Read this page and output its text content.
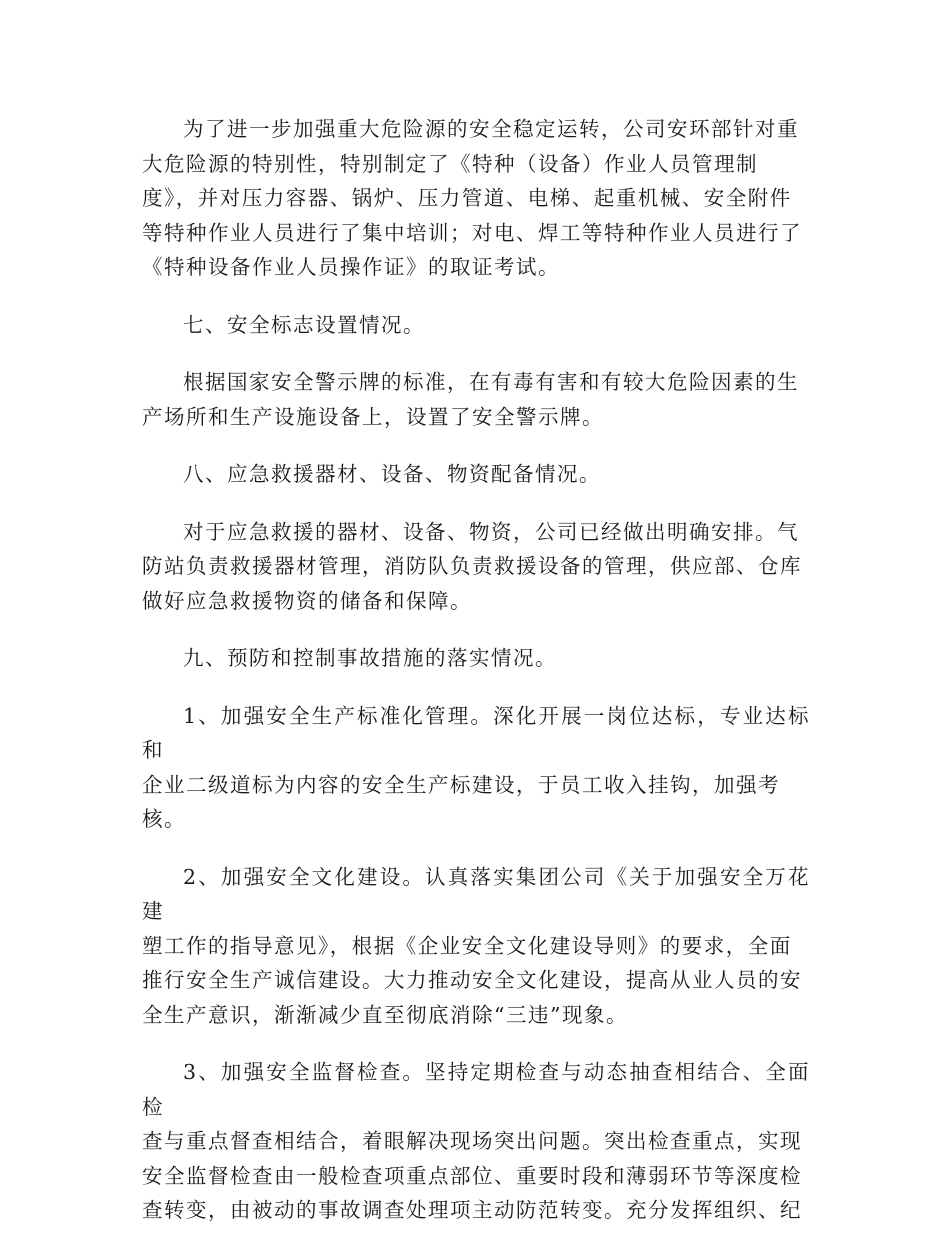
为了进一步加强重大危险源的安全稳定运转，公司安环部针对重
大危险源的特别性，特别制定了《特种（设备）作业人员管理制
度》，并对压力容器、锅炉、压力管道、电梯、起重机械、安全附件
等特种作业人员进行了集中培训；对电、焊工等特种作业人员进行了
《特种设备作业人员操作证》的取证考试。
七、安全标志设置情况。
根据国家安全警示牌的标准，在有毒有害和有较大危险因素的生
产场所和生产设施设备上，设置了安全警示牌。
八、应急救援器材、设备、物资配备情况。
对于应急救援的器材、设备、物资，公司已经做出明确安排。气
防站负责救援器材管理，消防队负责救援设备的管理，供应部、仓库
做好应急救援物资的储备和保障。
九、预防和控制事故措施的落实情况。
1、加强安全生产标准化管理。深化开展一岗位达标，专业达标和
企业二级道标为内容的安全生产标建设，于员工收入挂钩，加强考
核。
2、加强安全文化建设。认真落实集团公司《关于加强安全万花建
塑工作的指导意见》，根据《企业安全文化建设导则》的要求，全面
推行安全生产诚信建设。大力推动安全文化建设，提高从业人员的安
全生产意识，渐渐减少直至彻底消除“三违”现象。
3、加强安全监督检查。坚持定期检查与动态抽查相结合、全面检
查与重点督查相结合，着眼解决现场突出问题。突出检查重点，实现
安全监督检查由一般检查项重点部位、重要时段和薄弱环节等深度检
查转变，由被动的事故调查处理项主动防范转变。充分发挥组织、纪
